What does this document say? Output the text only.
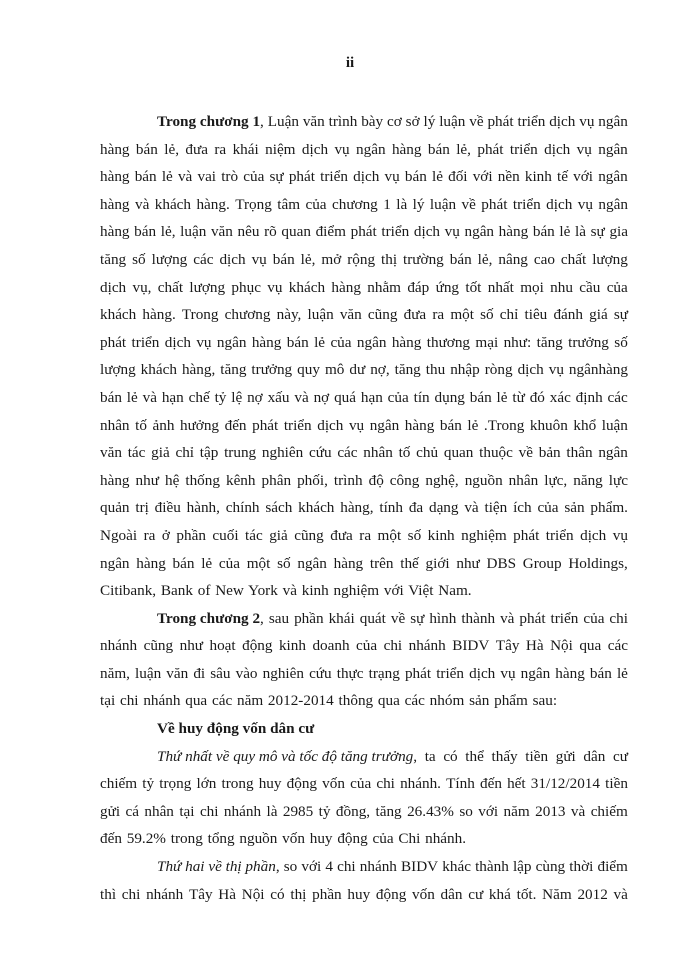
ii
Trong chương 1, Luận văn trình bày cơ sở lý luận về phát triển dịch vụ ngân
hàng bán lẻ, đưa ra khái niệm dịch vụ ngân hàng bán lẻ, phát triển dịch vụ ngân
hàng bán lẻ và vai trò của sự phát triển dịch vụ bán lẻ đối với nền kinh tế với ngân
hàng và khách hàng. Trọng tâm của chương 1 là lý luận về phát triển dịch vụ ngân
hàng bán lẻ, luận văn nêu rõ quan điểm phát triển dịch vụ ngân hàng bán lẻ là sự gia
tăng số lượng các dịch vụ bán lẻ, mở rộng thị trường bán lẻ, nâng cao chất lượng
dịch vụ, chất lượng phục vụ khách hàng nhằm đáp ứng tốt nhất mọi nhu cầu của
khách hàng. Trong chương này, luận văn cũng đưa ra một số chỉ tiêu đánh giá sự
phát triển dịch vụ ngân hàng bán lẻ của ngân hàng thương mại như: tăng trưởng số
lượng khách hàng, tăng trưởng quy mô dư nợ, tăng thu nhập ròng dịch vụ ngânhàng
bán lẻ và hạn chế tỷ lệ nợ xấu và nợ quá hạn của tín dụng bán lẻ từ đó xác định các
nhân tố ảnh hưởng đến phát triển dịch vụ ngân hàng bán lẻ .Trong khuôn khổ luận
văn tác giả chỉ tập trung nghiên cứu các nhân tố chủ quan thuộc về bản thân ngân
hàng như hệ thống kênh phân phối, trình độ công nghệ, nguồn nhân lực, năng lực
quản trị điều hành, chính sách khách hàng, tính đa dạng và tiện ích của sản phẩm.
Ngoài ra ở phần cuối tác giả cũng đưa ra một số kinh nghiệm phát triển dịch vụ
ngân hàng bán lẻ của một số ngân hàng trên thế giới như DBS Group Holdings,
Citibank, Bank of New York và kinh nghiệm với Việt Nam.
Trong chương 2, sau phần khái quát về sự hình thành và phát triển của chi
nhánh cũng như hoạt động kinh doanh của chi nhánh BIDV Tây Hà Nội qua các
năm, luận văn đi sâu vào nghiên cứu thực trạng phát triển dịch vụ ngân hàng bán lẻ
tại chi nhánh qua các năm 2012-2014 thông qua các nhóm sản phẩm sau:
Về huy động vốn dân cư
Thứ nhất về quy mô và tốc độ tăng trưởng, ta có thể thấy tiền gửi dân cư
chiếm tỷ trọng lớn trong huy động vốn của chi nhánh. Tính đến hết 31/12/2014 tiền
gửi cá nhân tại chi nhánh là 2985 tỷ đồng, tăng 26.43% so với năm 2013 và chiếm
đến 59.2% trong tổng nguồn vốn huy động của Chi nhánh.
Thứ hai về thị phần, so với 4 chi nhánh BIDV khác thành lập cùng thời điểm
thì chi nhánh Tây Hà Nội có thị phần huy động vốn dân cư khá tốt. Năm 2012 và
